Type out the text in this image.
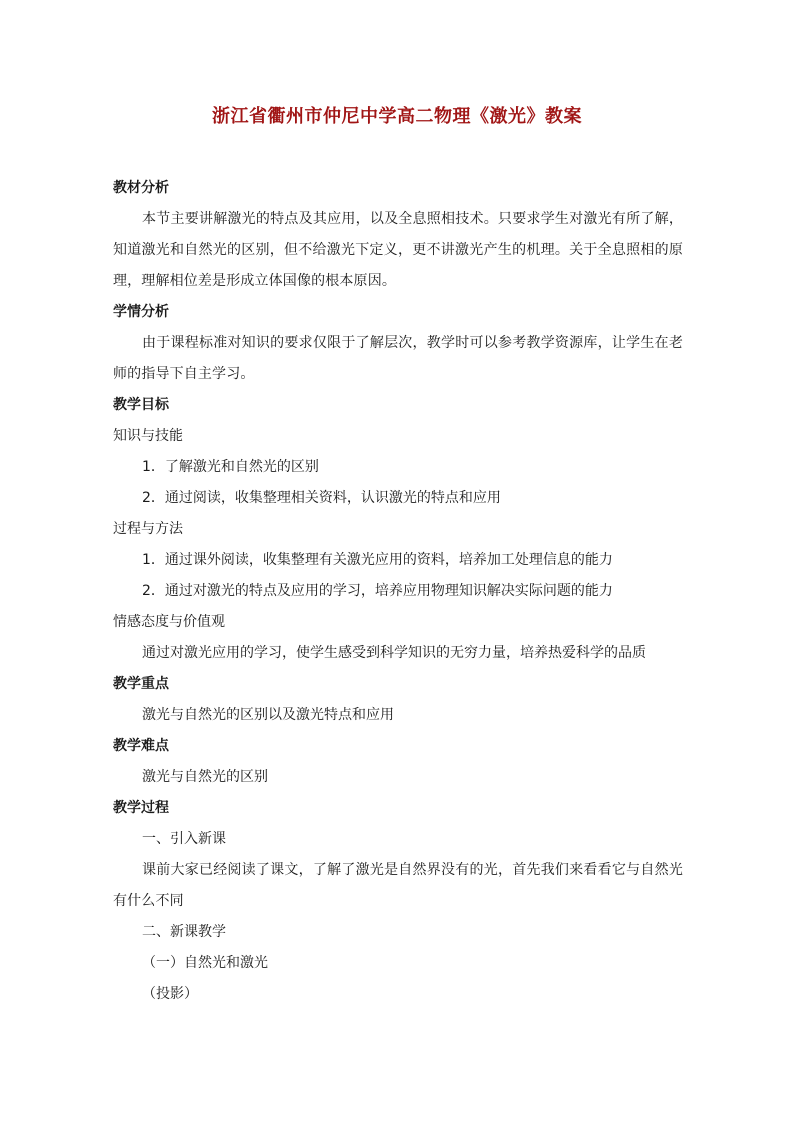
浙江省衢州市仲尼中学高二物理《激光》教案
教材分析

本节主要讲解激光的特点及其应用，以及全息照相技术。只要求学生对激光有所了解，知道激光和自然光的区别，但不给激光下定义，更不讲激光产生的机理。关于全息照相的原理，理解相位差是形成立体国像的根本原因。

学情分析

由于课程标准对知识的要求仅限于了解层次，教学时可以参考教学资源库，让学生在老师的指导下自主学习。

教学目标
知识与技能
1．了解激光和自然光的区别
2．通过阅读，收集整理相关资料，认识激光的特点和应用
过程与方法
1．通过课外阅读，收集整理有关激光应用的资料，培养加工处理信息的能力
2．通过对激光的特点及应用的学习，培养应用物理知识解决实际问题的能力
情感态度与价值观
通过对激光应用的学习，使学生感受到科学知识的无穷力量，培养热爱科学的品质
教学重点
激光与自然光的区别以及激光特点和应用
教学难点
激光与自然光的区别
教学过程
一、引入新课

课前大家已经阅读了课文，了解了激光是自然界没有的光，首先我们来看看它与自然光有什么不同

二、新课教学
（一）自然光和激光
（投影）
